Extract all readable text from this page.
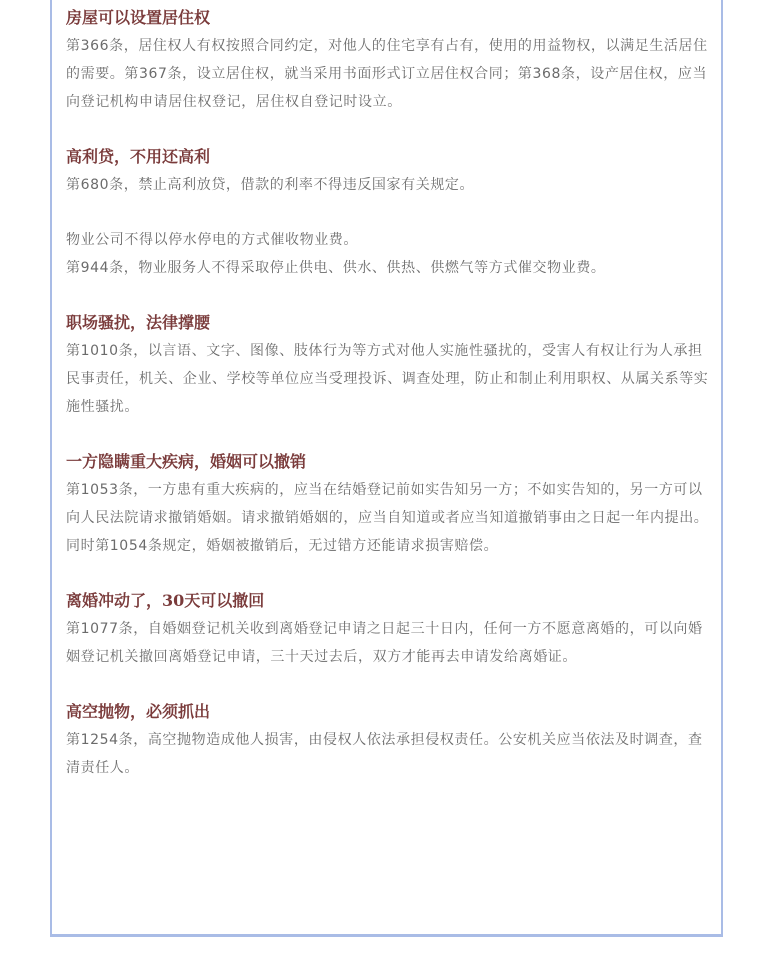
房屋可以设置居住权

第366条，居住权人有权按照合同约定，对他人的住宅享有占有，使用的用益物权，以满足生活居住的需要。第367条，设立居住权，就当采用书面形式订立居住权合同；第368条，设产居住权，应当向登记机构申请居住权登记，居住权自登记时设立。

高利贷，不用还高利

第680条，禁止高利放贷，借款的利率不得违反国家有关规定。

物业公司不得以停水停电的方式催收物业费。

第944条，物业服务人不得采取停止供电、供水、供热、供燃气等方式催交物业费。

职场骚扰，法律撑腰

第1010条，以言语、文字、图像、肢体行为等方式对他人实施性骚扰的，受害人有权让行为人承担民事责任，机关、企业、学校等单位应当受理投诉、调查处理，防止和制止利用职权、从属关系等实施性骚扰。

一方隐瞒重大疾病，婚姻可以撤销

第1053条，一方患有重大疾病的，应当在结婚登记前如实告知另一方；不如实告知的，另一方可以向人民法院请求撤销婚姻。请求撤销婚姻的，应当自知道或者应当知道撤销事由之日起一年内提出。同时第1054条规定，婚姻被撤销后，无过错方还能请求损害赔偿。

离婚冲动了，30天可以撤回

第1077条，自婚姻登记机关收到离婚登记申请之日起三十日内，任何一方不愿意离婚的，可以向婚姻登记机关撤回离婚登记申请，三十天过去后，双方才能再去申请发给离婚证。

高空抛物，必须抓出

第1254条，高空抛物造成他人损害，由侵权人依法承担侵权责任。公安机关应当依法及时调查，查清责任人。
